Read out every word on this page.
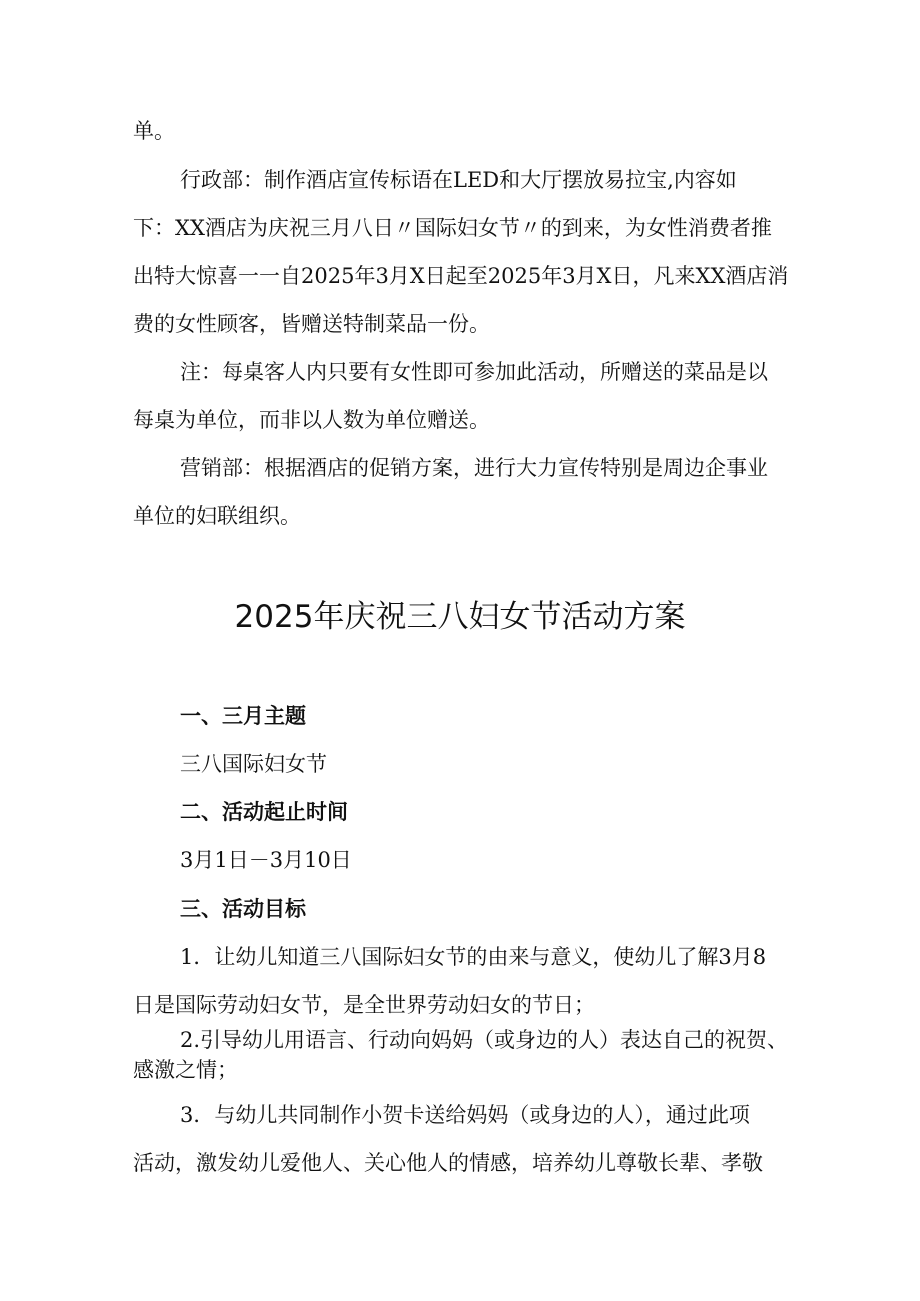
单。

行政部：制作酒店宣传标语在LED和大厅摆放易拉宝,内容如

下：XX酒店为庆祝三月八日〃国际妇女节〃的到来，为女性消费者推

出特大惊喜一一自2025年3月X日起至2025年3月X日，凡来XX酒店消

费的女性顾客，皆赠送特制菜品一份。

注：每桌客人内只要有女性即可参加此活动，所赠送的菜品是以

每桌为单位，而非以人数为单位赠送。

营销部：根据酒店的促销方案，进行大力宣传特别是周边企事业

单位的妇联组织。

2025年庆祝三八妇女节活动方案

一、三月主题

三八国际妇女节

二、活动起止时间

3月1日－3月10日

三、活动目标

1．让幼儿知道三八国际妇女节的由来与意义，使幼儿了解3月8

日是国际劳动妇女节，是全世界劳动妇女的节日；

2.引导幼儿用语言、行动向妈妈（或身边的人）表达自己的祝贺、

感激之情；

3．与幼儿共同制作小贺卡送给妈妈（或身边的人），通过此项

活动，激发幼儿爱他人、关心他人的情感，培养幼儿尊敬长辈、孝敬
